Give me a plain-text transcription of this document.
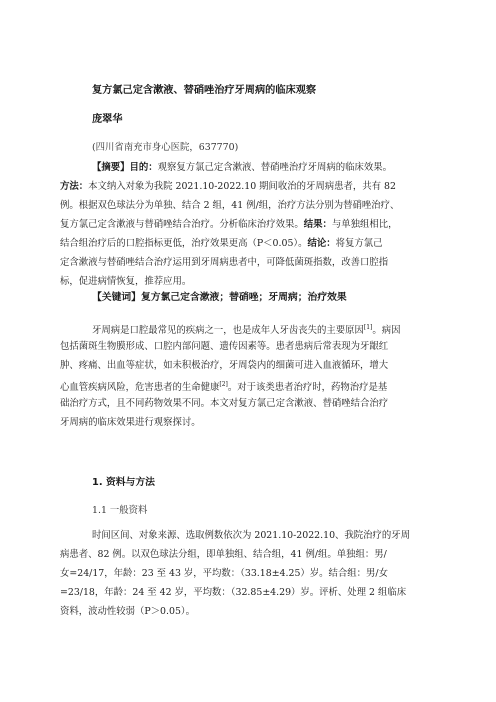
复方氯己定含漱液、替硝唑治疗牙周病的临床观察
庞翠华
(四川省南充市身心医院，637770)
【摘要】目的：观察复方氯己定含漱液、替硝唑治疗牙周病的临床效果。
方法：本文纳入对象为我院 2021.10-2022.10 期间收治的牙周病患者，共有 82
例。根据双色球法分为单独、结合 2 组，41 例/组，治疗方法分别为替硝唑治疗、
复方氯己定含漱液与替硝唑结合治疗。分析临床治疗效果。结果：与单独组相比，
结合组治疗后的口腔指标更低，治疗效果更高（P＜0.05）。结论：将复方氯己
定含漱液与替硝唑结合治疗运用到牙周病患者中，可降低菌斑指数，改善口腔指
标，促进病情恢复，推荐应用。
【关键词】复方氯己定含漱液；替硝唑；牙周病；治疗效果
牙周病是口腔最常见的疾病之一，也是成年人牙齿丧失的主要原因[1]。病因
包括菌斑生物膜形成、口腔内部问题、遗传因素等。患者患病后常表现为牙龈红
肿、疼痛、出血等症状，如未积极治疗，牙周袋内的细菌可进入血液循环，增大
心血管疾病风险，危害患者的生命健康[2]。对于该类患者治疗时，药物治疗是基
础治疗方式，且不同药物效果不同。本文对复方氯己定含漱液、替硝唑结合治疗
牙周病的临床效果进行观察探讨。
1. 资料与方法
1.1 一般资料
时间区间、对象来源、选取例数依次为 2021.10-2022.10、我院治疗的牙周
病患者、82 例。以双色球法分组，即单独组、结合组，41 例/组。单独组：男/
女=24/17，年龄：23 至 43 岁，平均数：（33.18±4.25）岁。结合组：男/女
=23/18，年龄：24 至 42 岁，平均数：（32.85±4.29）岁。评析、处理 2 组临床
资料，波动性较弱（P＞0.05）。
